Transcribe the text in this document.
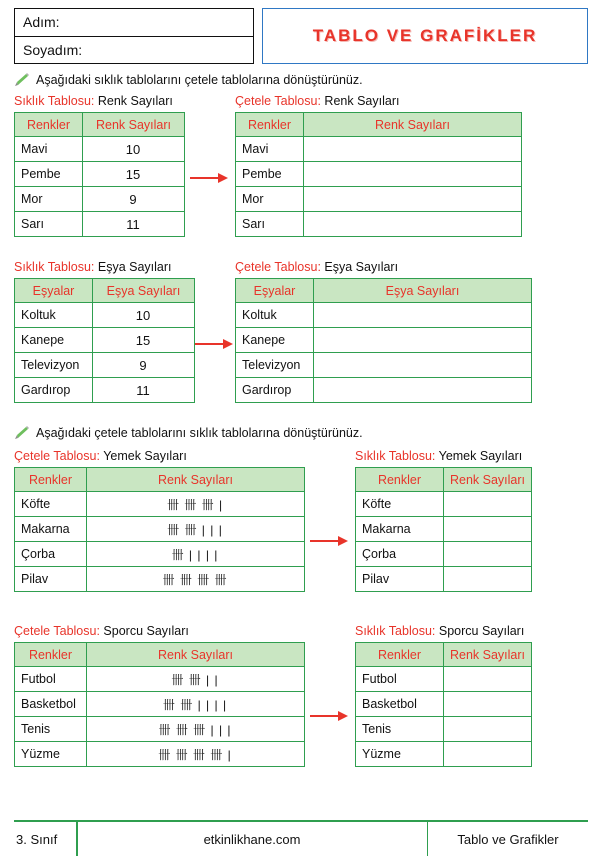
Adım:
Soyadım:
TABLO VE GRAFİKLER
Aşağıdaki sıklık tablolarını çetele tablolarına dönüştürünüz.
Sıklık Tablosu: Renk Sayıları
Renkler	Renk Sayıları
Mavi	10
Pembe	15
Mor	9
Sarı	11
Çetele Tablosu: Renk Sayıları
Renkler	Renk Sayıları
Mavi	
Pembe	
Mor	
Sarı	
Sıklık Tablosu: Eşya Sayıları
Eşyalar	Eşya Sayıları
Koltuk	10
Kanepe	15
Televizyon	9
Gardırop	11
Çetele Tablosu: Eşya Sayıları
Eşyalar	Eşya Sayıları
Koltuk	
Kanepe	
Televizyon	
Gardırop	
Aşağıdaki çetele tablolarını sıklık tablolarına dönüştürünüz.
Çetele Tablosu: Yemek Sayıları
Renkler	Renk Sayıları
Köfte	卌 卌 卌 |
Makarna	卌 卌 | | |
Çorba	卌 | | | |
Pilav	卌 卌 卌 卌
Sıklık Tablosu: Yemek Sayıları
Renkler	Renk Sayıları
Köfte	
Makarna	
Çorba	
Pilav	
Çetele Tablosu: Sporcu Sayıları
Renkler	Renk Sayıları
Futbol	卌 卌 | |
Basketbol	卌 卌 | | | |
Tenis	卌 卌 卌 | | |
Yüzme	卌 卌 卌 卌 |
Sıklık Tablosu: Sporcu Sayıları
Renkler	Renk Sayıları
Futbol	
Basketbol	
Tenis	
Yüzme	
3. Sınıf	etkinlikhane.com	Tablo ve Grafikler
